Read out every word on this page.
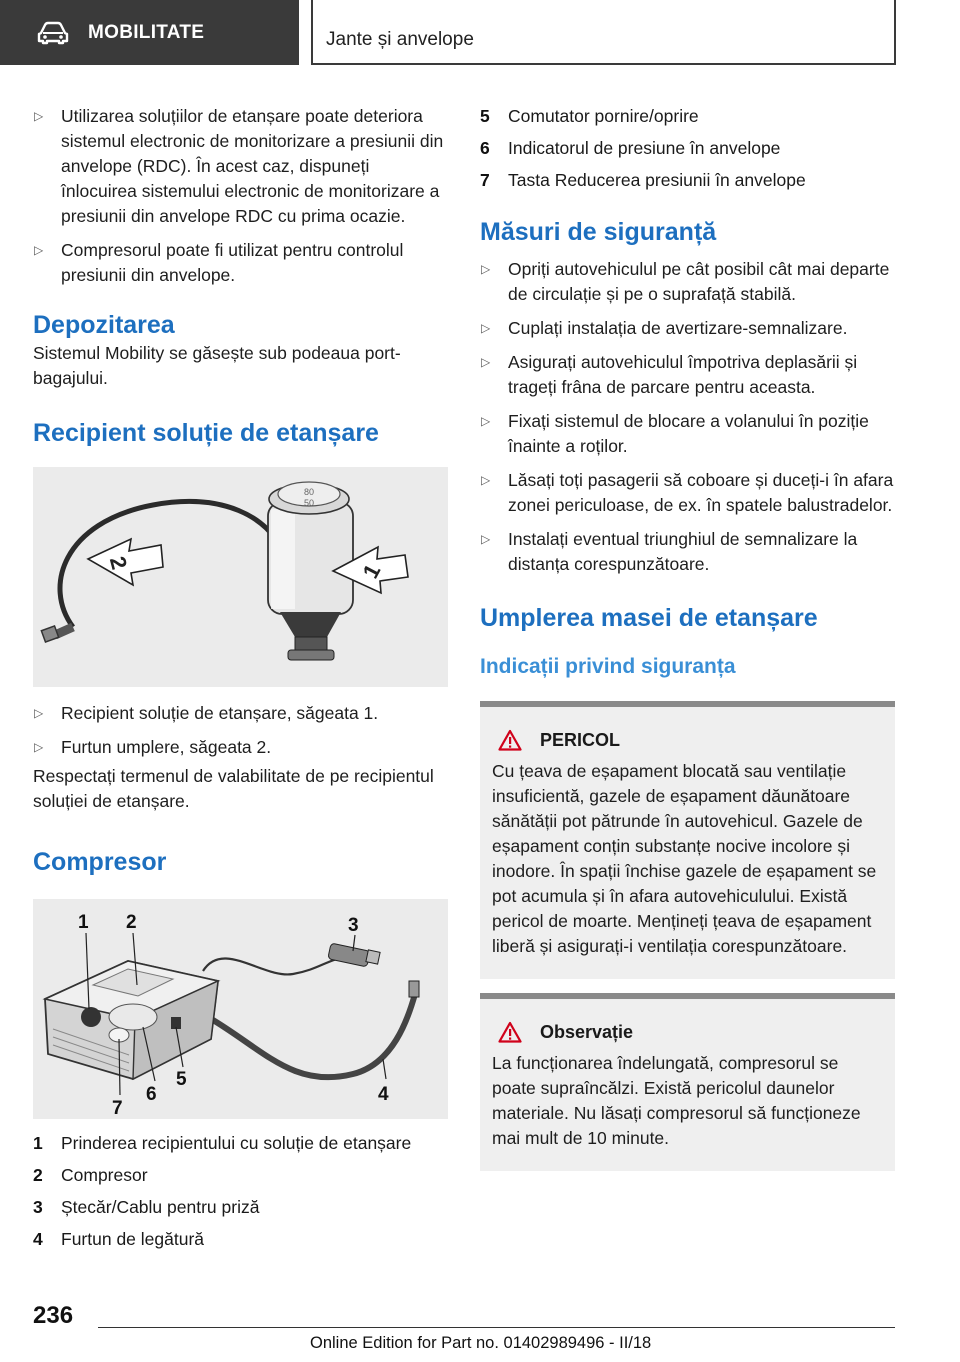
MOBILITATE	Jante și anvelope
▷ Utilizarea soluțiilor de etanșare poate deteriora sistemul electronic de monitorizare a presiunii din anvelope (RDC). În acest caz, dispuneți înlocuirea sistemului electronic de monitorizare a presiunii din anvelope RDC cu prima ocazie.
▷ Compresorul poate fi utilizat pentru controlul presiunii din anvelope.
Depozitarea

Sistemul Mobility se găsește sub podeaua portbagajului.

Recipient soluție de etanșare
80
50
2	1
▷ Recipient soluție de etanșare, săgeata 1.
▷ Furtun umplere, săgeata 2.

Respectați termenul de valabilitate de pe recipientul soluției de etanșare.

Compresor
1 2	3
4
5
6
7
1 Prinderea recipientului cu soluție de etanșare
2 Compresor
3 Ștecăr/Cablu pentru priză
4 Furtun de legătură
5 Comutator pornire/oprire
6 Indicatorul de presiune în anvelope
7 Tasta Reducerea presiunii în anvelope
Măsuri de siguranță
▷ Opriți autovehiculul pe cât posibil cât mai departe de circulație și pe o suprafață stabilă.
▷ Cuplați instalația de avertizare-semnalizare.
▷ Asigurați autovehiculul împotriva deplasării și trageți frâna de parcare pentru aceasta.
▷ Fixați sistemul de blocare a volanului în poziție înainte a roților.
▷ Lăsați toți pasagerii să coboare și duceți-i în afara zonei periculoase, de ex. în spatele balustradelor.
▷ Instalați eventual triunghiul de semnalizare la distanța corespunzătoare.
Umplerea masei de etanșare
Indicații privind siguranța
PERICOL

Cu țeava de eșapament blocată sau ventilație insuficientă, gazele de eșapament dăunătoare sănătății pot pătrunde în autovehicul. Gazele de eșapament conțin substanțe nocive incolore și inodore. În spații închise gazele de eșapament se pot acumula și în afara autovehiculului. Există pericol de moarte. Mențineți țeava de eșapament liberă și asigurați-i ventilația corespunzătoare.

Observație

La funcționarea îndelungată, compresorul se poate supraîncălzi. Există pericolul daunelor materiale. Nu lăsați compresorul să funcționeze mai mult de 10 minute.

236
Online Edition for Part no. 01402989496 - II/18
